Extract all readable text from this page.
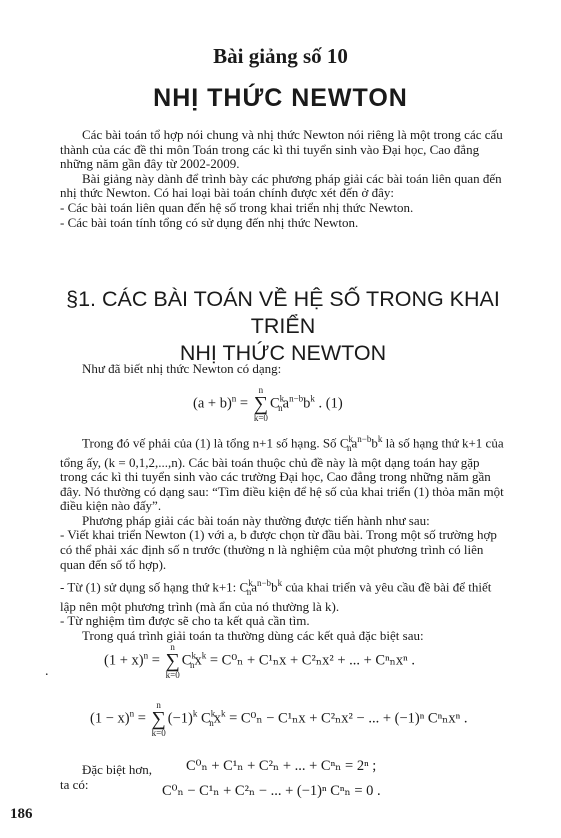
Bài giảng số 10
NHỊ THỨC NEWTON

Các bài toán tổ hợp nói chung và nhị thức Newton nói riêng là một trong các cấu thành của các đề thi môn Toán trong các kì thi tuyển sinh vào Đại học, Cao đẳng những năm gần đây từ 2002-2009.

Bài giảng này dành để trình bày các phương pháp giải các bài toán liên quan đến nhị thức Newton. Có hai loại bài toán chính được xét đến ở đây:

- Các bài toán liên quan đến hệ số trong khai triển nhị thức Newton.

- Các bài toán tính tổng có sử dụng đến nhị thức Newton.

§1. CÁC BÀI TOÁN VỀ HỆ SỐ TRONG KHAI TRIỂN
NHỊ THỨC NEWTON

Như đã biết nhị thức Newton có dạng:

$(a + b)^n$ =
n
∑
k=0
$C^k_na^{n-b}b^k$ . (1)

Trong đó vế phải của (1) là tổng n+1 số hạng. Số $C^k_na^{n-b}b^k$ là số hạng thứ k+1 của tổng ấy, (k = 0,1,2,...,n). Các bài toán thuộc chủ đề này là một dạng toán hay gặp trong các kì thi tuyển sinh vào các trường Đại học, Cao đẳng trong những năm gần đây. Nó thường có dạng sau: “Tìm điều kiện để hệ số của khai triển (1) thỏa mãn một điều kiện nào đấy”.

Phương pháp giải các bài toán này thường được tiến hành như sau:

- Viết khai triển Newton (1) với a, b được chọn từ đầu bài. Trong một số trường hợp có thể phải xác định số n trước (thường n là nghiệm của một phương trình có liên quan đến số tổ hợp).

- Từ (1) sử dụng số hạng thứ k+1: $C^k_na^{n-b}b^k$ của khai triển và yêu cầu đề bài để thiết lập nên một phương trình (mà ẩn của nó thường là k).

- Từ nghiệm tìm được sẽ cho ta kết quả cần tìm.

Trong quá trình giải toán ta thường dùng các kết quả đặc biệt sau:

.
$(1 + x)^n$ =
n
∑
k=0
$C^k_nx^k = C^0_n + C^1_nx + C^2_nx^2$ + ... + Cⁿₙxⁿ .
$(1 - x)^n$ =
n
∑
k=0
$(-1)^k$ $C^k_nx^k = C^0_n - C^1_nx + C^2_nx^2$ − ... + (−1)ⁿ Cⁿₙxⁿ .

Đặc biệt hơn, ta có:

C⁰ₙ + C¹ₙ + C²ₙ + ... + Cⁿₙ = 2ⁿ ;
C⁰ₙ − C¹ₙ + C²ₙ − ... + (−1)ⁿ Cⁿₙ = 0 .
186
